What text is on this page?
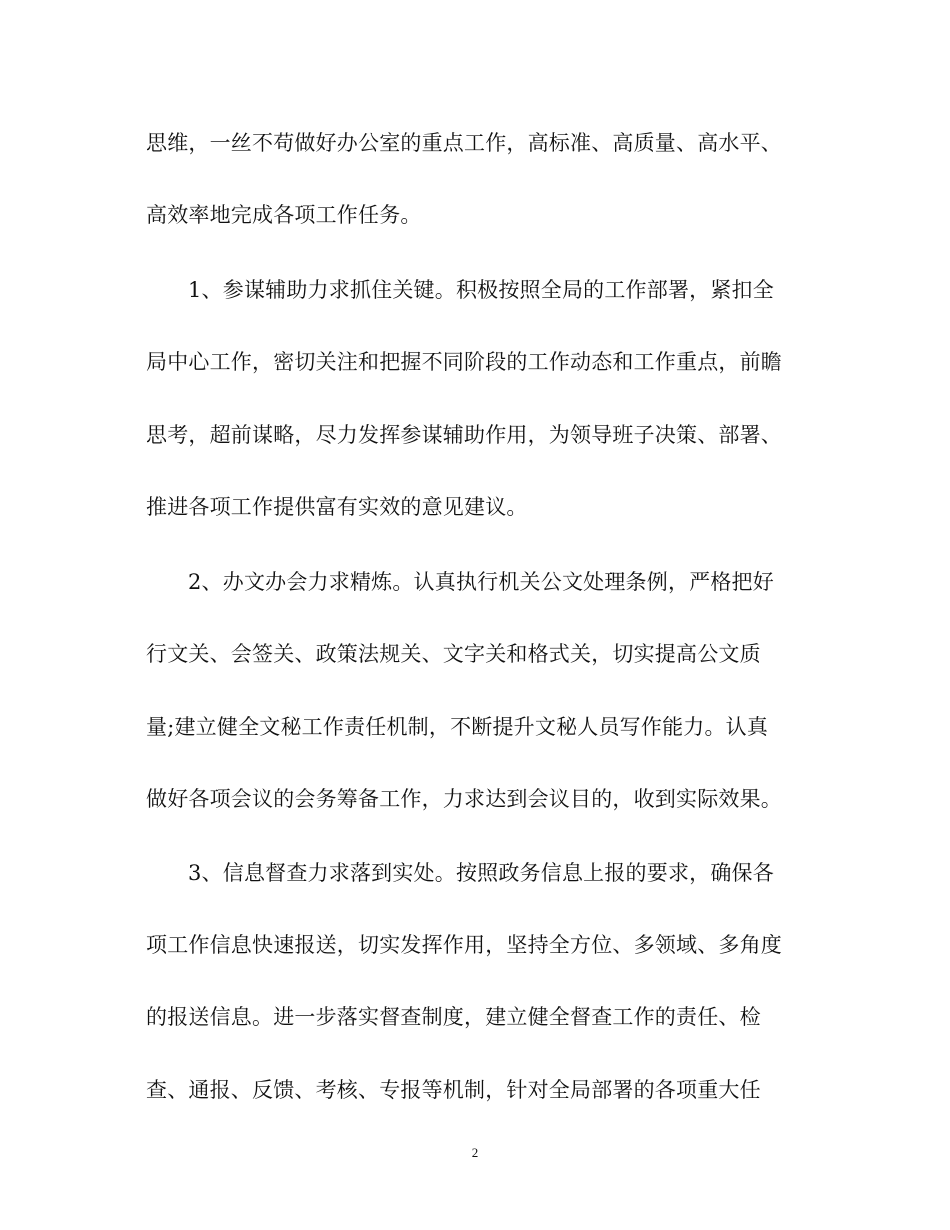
思维，一丝不苟做好办公室的重点工作，高标准、高质量、高水平、
高效率地完成各项工作任务。
1、参谋辅助力求抓住关键。积极按照全局的工作部署，紧扣全
局中心工作，密切关注和把握不同阶段的工作动态和工作重点，前瞻
思考，超前谋略，尽力发挥参谋辅助作用，为领导班子决策、部署、
推进各项工作提供富有实效的意见建议。
2、办文办会力求精炼。认真执行机关公文处理条例，严格把好
行文关、会签关、政策法规关、文字关和格式关，切实提高公文质
量;建立健全文秘工作责任机制，不断提升文秘人员写作能力。认真
做好各项会议的会务筹备工作，力求达到会议目的，收到实际效果。
3、信息督查力求落到实处。按照政务信息上报的要求，确保各
项工作信息快速报送，切实发挥作用，坚持全方位、多领域、多角度
的报送信息。进一步落实督查制度，建立健全督查工作的责任、检
查、通报、反馈、考核、专报等机制，针对全局部署的各项重大任
2
